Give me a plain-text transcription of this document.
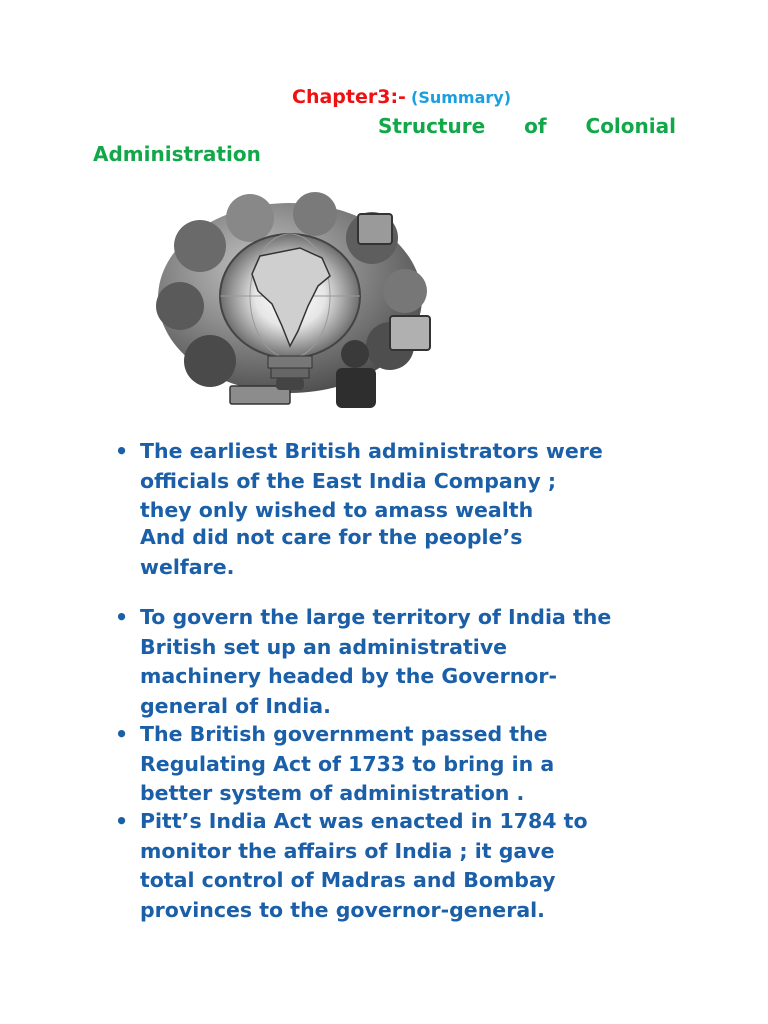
Chapter3:- (Summary)
Structure of Colonial
Administration
• The earliest British administrators were
officials of the East India Company ;
they only wished to amass wealth
And did not care for the people’s
welfare.
• To govern the large territory of India the
British set up an administrative
machinery headed by the Governor-
general of India.
• The British government passed the
Regulating Act of 1733 to bring in a
better system of administration .
• Pitt’s India Act was enacted in 1784 to
monitor the affairs of India ; it gave
total control of Madras and Bombay
provinces to the governor-general.
